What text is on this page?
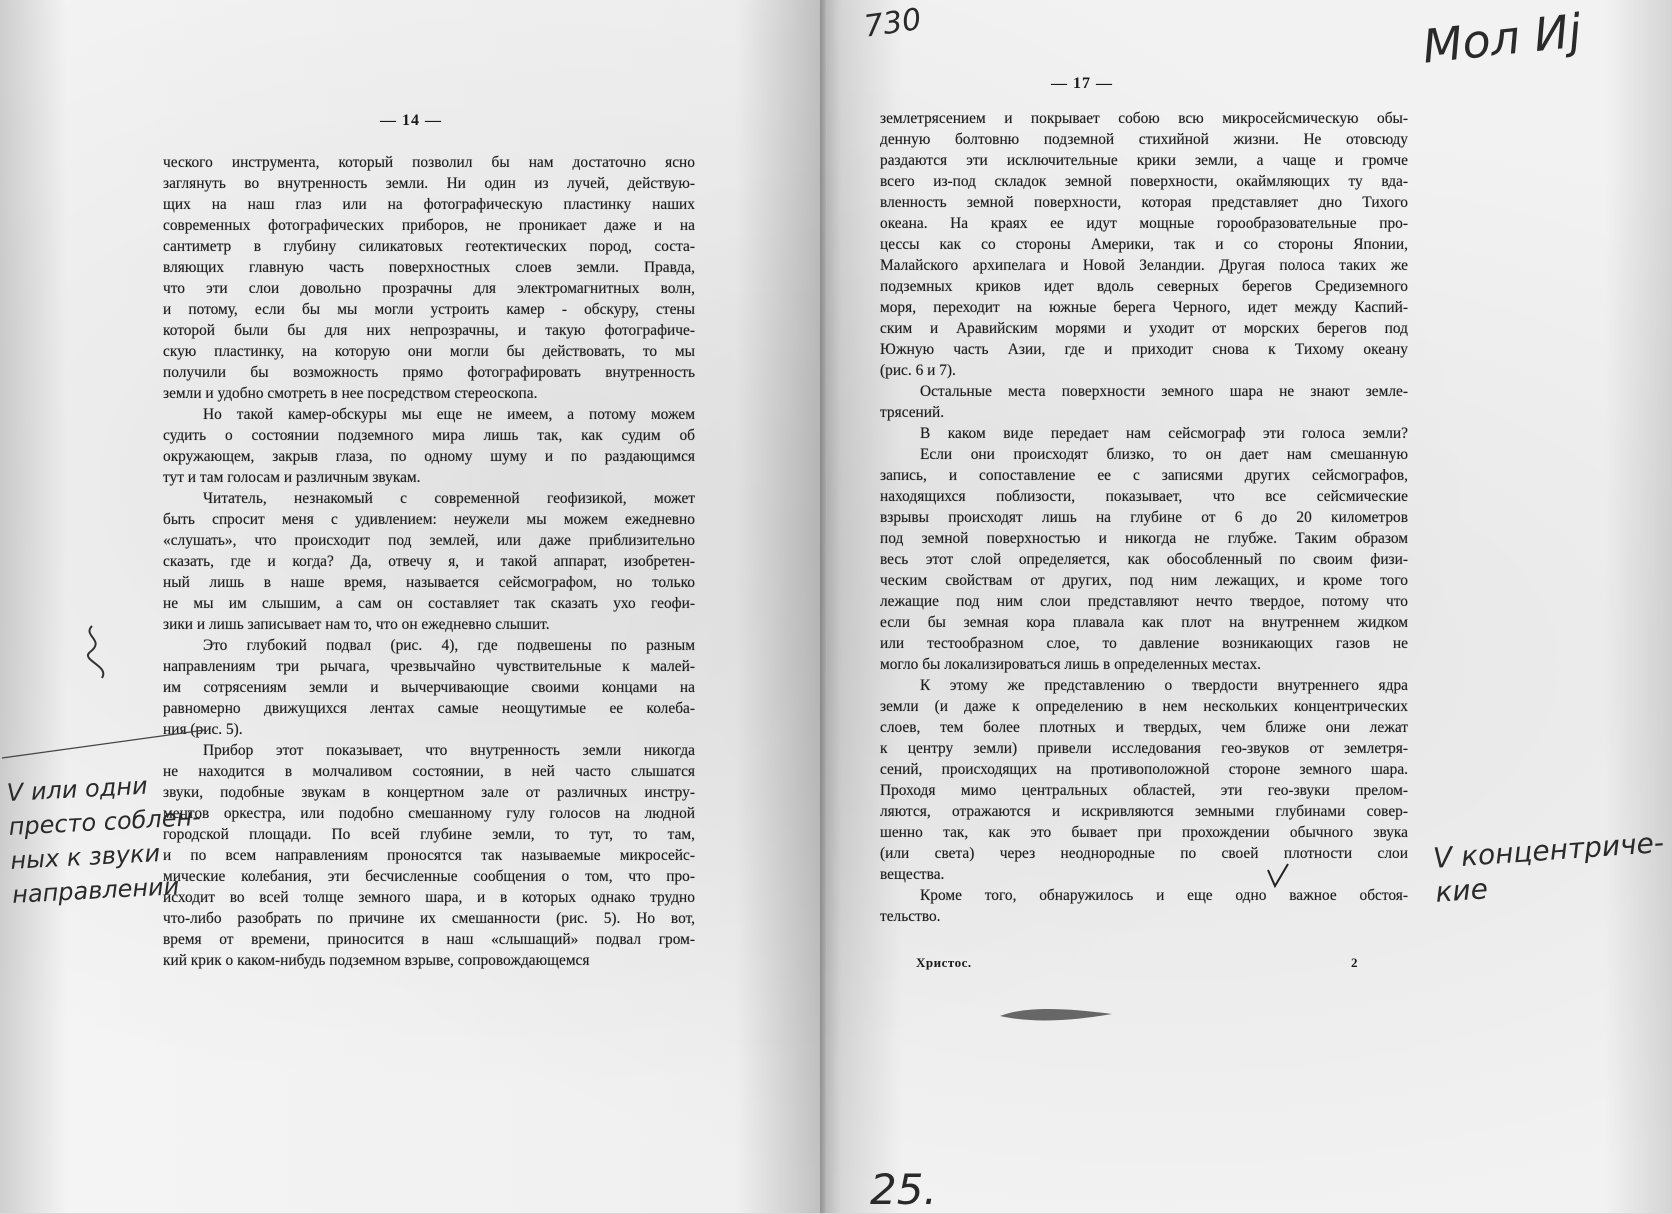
— 14 —
ческого инструмента, который позволил бы нам достаточно ясно
заглянуть во внутренность земли. Ни один из лучей, действую-
щих на наш глаз или на фотографическую пластинку наших
современных фотографических приборов, не проникает даже и на
сантиметр в глубину силикатовых геотектических пород, соста-
вляющих главную часть поверхностных слоев земли. Правда,
что эти слои довольно прозрачны для электромагнитных волн,
и потому, если бы мы могли устроить камер - обскуру, стены
которой были бы для них непрозрачны, и такую фотографиче-
скую пластинку, на которую они могли бы действовать, то мы
получили бы возможность прямо фотографировать внутренность
земли и удобно смотреть в нее посредством стереоскопа.
Но такой камер-обскуры мы еще не имеем, а потому можем
судить о состоянии подземного мира лишь так, как судим об
окружающем, закрыв глаза, по одному шуму и по раздающимся
тут и там голосам и различным звукам.
Читатель, незнакомый с современной геофизикой, может
быть спросит меня с удивлением: неужели мы можем ежедневно
«слушать», что происходит под землей, или даже приблизительно
сказать, где и когда? Да, отвечу я, и такой аппарат, изобретен-
ный лишь в наше время, называется сейсмографом, но только
не мы им слышим, а сам он составляет так сказать ухо геофи-
зики и лишь записывает нам то, что он ежедневно слышит.
Это глубокий подвал (рис. 4), где подвешены по разным
направлениям три рычага, чрезвычайно чувствительные к малей-
им сотрясениям земли и вычерчивающие своими концами на
равномерно движущихся лентах самые неощутимые ее колеба-
ния (рис. 5).
Прибор этот показывает, что внутренность земли никогда
не находится в молчаливом состоянии, в ней часто слышатся
звуки, подобные звукам в концертном зале от различных инстру-
ментов оркестра, или подобно смешанному гулу голосов на людной
городской площади. По всей глубине земли, то тут, то там,
и по всем направлениям проносятся так называемые микросейс-
мические колебания, эти бесчисленные сообщения о том, что про-
исходит во всей толще земного шара, и в которых однако трудно
что-либо разобрать по причине их смешанности (рис. 5). Но вот,
время от времени, приносится в наш «слышащий» подвал гром-
кий крик о каком-нибудь подземном взрыве, сопровождающемся
V или одни
престо соблен-
ных к звуки
направлении
— 17 —
землетрясением и покрывает собою всю микросейсмическую обы-
денную болтовню подземной стихийной жизни. Не отовсюду
раздаются эти исключительные крики земли, а чаще и громче
всего из-под складок земной поверхности, окаймляющих ту вда-
вленность земной поверхности, которая представляет дно Тихого
океана. На краях ее идут мощные горообразовательные про-
цессы как со стороны Америки, так и со стороны Японии,
Малайского архипелага и Новой Зеландии. Другая полоса таких же
подземных криков идет вдоль северных берегов Средиземного
моря, переходит на южные берега Черного, идет между Каспий-
ским и Аравийским морями и уходит от морских берегов под
Южную часть Азии, где и приходит снова к Тихому океану
(рис. 6 и 7).
Остальные места поверхности земного шара не знают земле-
трясений.
В каком виде передает нам сейсмограф эти голоса земли?
Если они происходят близко, то он дает нам смешанную
запись, и сопоставление ее с записями других сейсмографов,
находящихся поблизости, показывает, что все сейсмические
взрывы происходят лишь на глубине от 6 до 20 километров
под земной поверхностью и никогда не глубже. Таким образом
весь этот слой определяется, как обособленный по своим физи-
ческим свойствам от других, под ним лежащих, и кроме того
лежащие под ним слои представляют нечто твердое, потому что
если бы земная кора плавала как плот на внутреннем жидком
или тестообразном слое, то давление возникающих газов не
могло бы локализироваться лишь в определенных местах.
К этому же представлению о твердости внутреннего ядра
земли (и даже к определению в нем нескольких концентрических
слоев, тем более плотных и твердых, чем ближе они лежат
к центру земли) привели исследования гео-звуков от землетря-
сений, происходящих на противоположной стороне земного шара.
Проходя мимо центральных областей, эти гео-звуки прелом-
ляются, отражаются и искривляются земными глубинами совер-
шенно так, как это бывает при прохождении обычного звука
(или света) через неоднородные по своей плотности слои
вещества.
Кроме того, обнаружилось и еще одно важное обстоя-
тельство.
Христос.	2
730	Мол Иј
V концентриче-
кие
25.
